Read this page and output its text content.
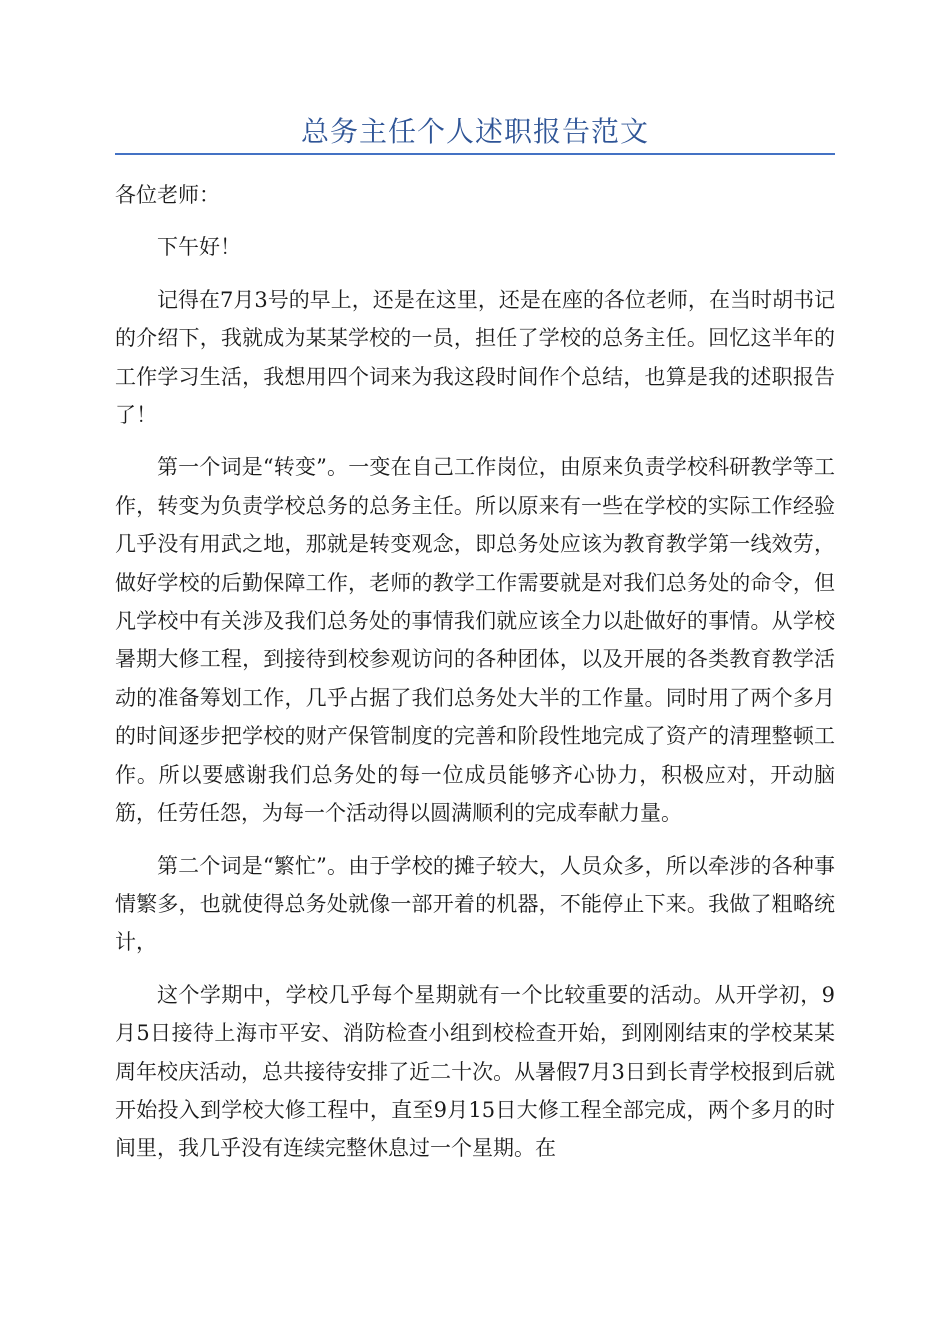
总务主任个人述职报告范文

各位老师：

下午好！

记得在7月3号的早上，还是在这里，还是在座的各位老师，在当时胡书记的介绍下，我就成为某某学校的一员，担任了学校的总务主任。回忆这半年的工作学习生活，我想用四个词来为我这段时间作个总结，也算是我的述职报告了！

第一个词是“转变”。一变在自己工作岗位，由原来负责学校科研教学等工作，转变为负责学校总务的总务主任。所以原来有一些在学校的实际工作经验几乎没有用武之地，那就是转变观念，即总务处应该为教育教学第一线效劳，做好学校的后勤保障工作，老师的教学工作需要就是对我们总务处的命令，但凡学校中有关涉及我们总务处的事情我们就应该全力以赴做好的事情。从学校暑期大修工程，到接待到校参观访问的各种团体，以及开展的各类教育教学活动的准备筹划工作，几乎占据了我们总务处大半的工作量。同时用了两个多月的时间逐步把学校的财产保管制度的完善和阶段性地完成了资产的清理整顿工作。所以要感谢我们总务处的每一位成员能够齐心协力，积极应对，开动脑筋，任劳任怨，为每一个活动得以圆满顺利的完成奉献力量。

第二个词是“繁忙”。由于学校的摊子较大，人员众多，所以牵涉的各种事情繁多，也就使得总务处就像一部开着的机器，不能停止下来。我做了粗略统计，

这个学期中，学校几乎每个星期就有一个比较重要的活动。从开学初，9月5日接待上海市平安、消防检查小组到校检查开始，到刚刚结束的学校某某周年校庆活动，总共接待安排了近二十次。从暑假7月3日到长青学校报到后就开始投入到学校大修工程中，直至9月15日大修工程全部完成，两个多月的时间里，我几乎没有连续完整休息过一个星期。在
